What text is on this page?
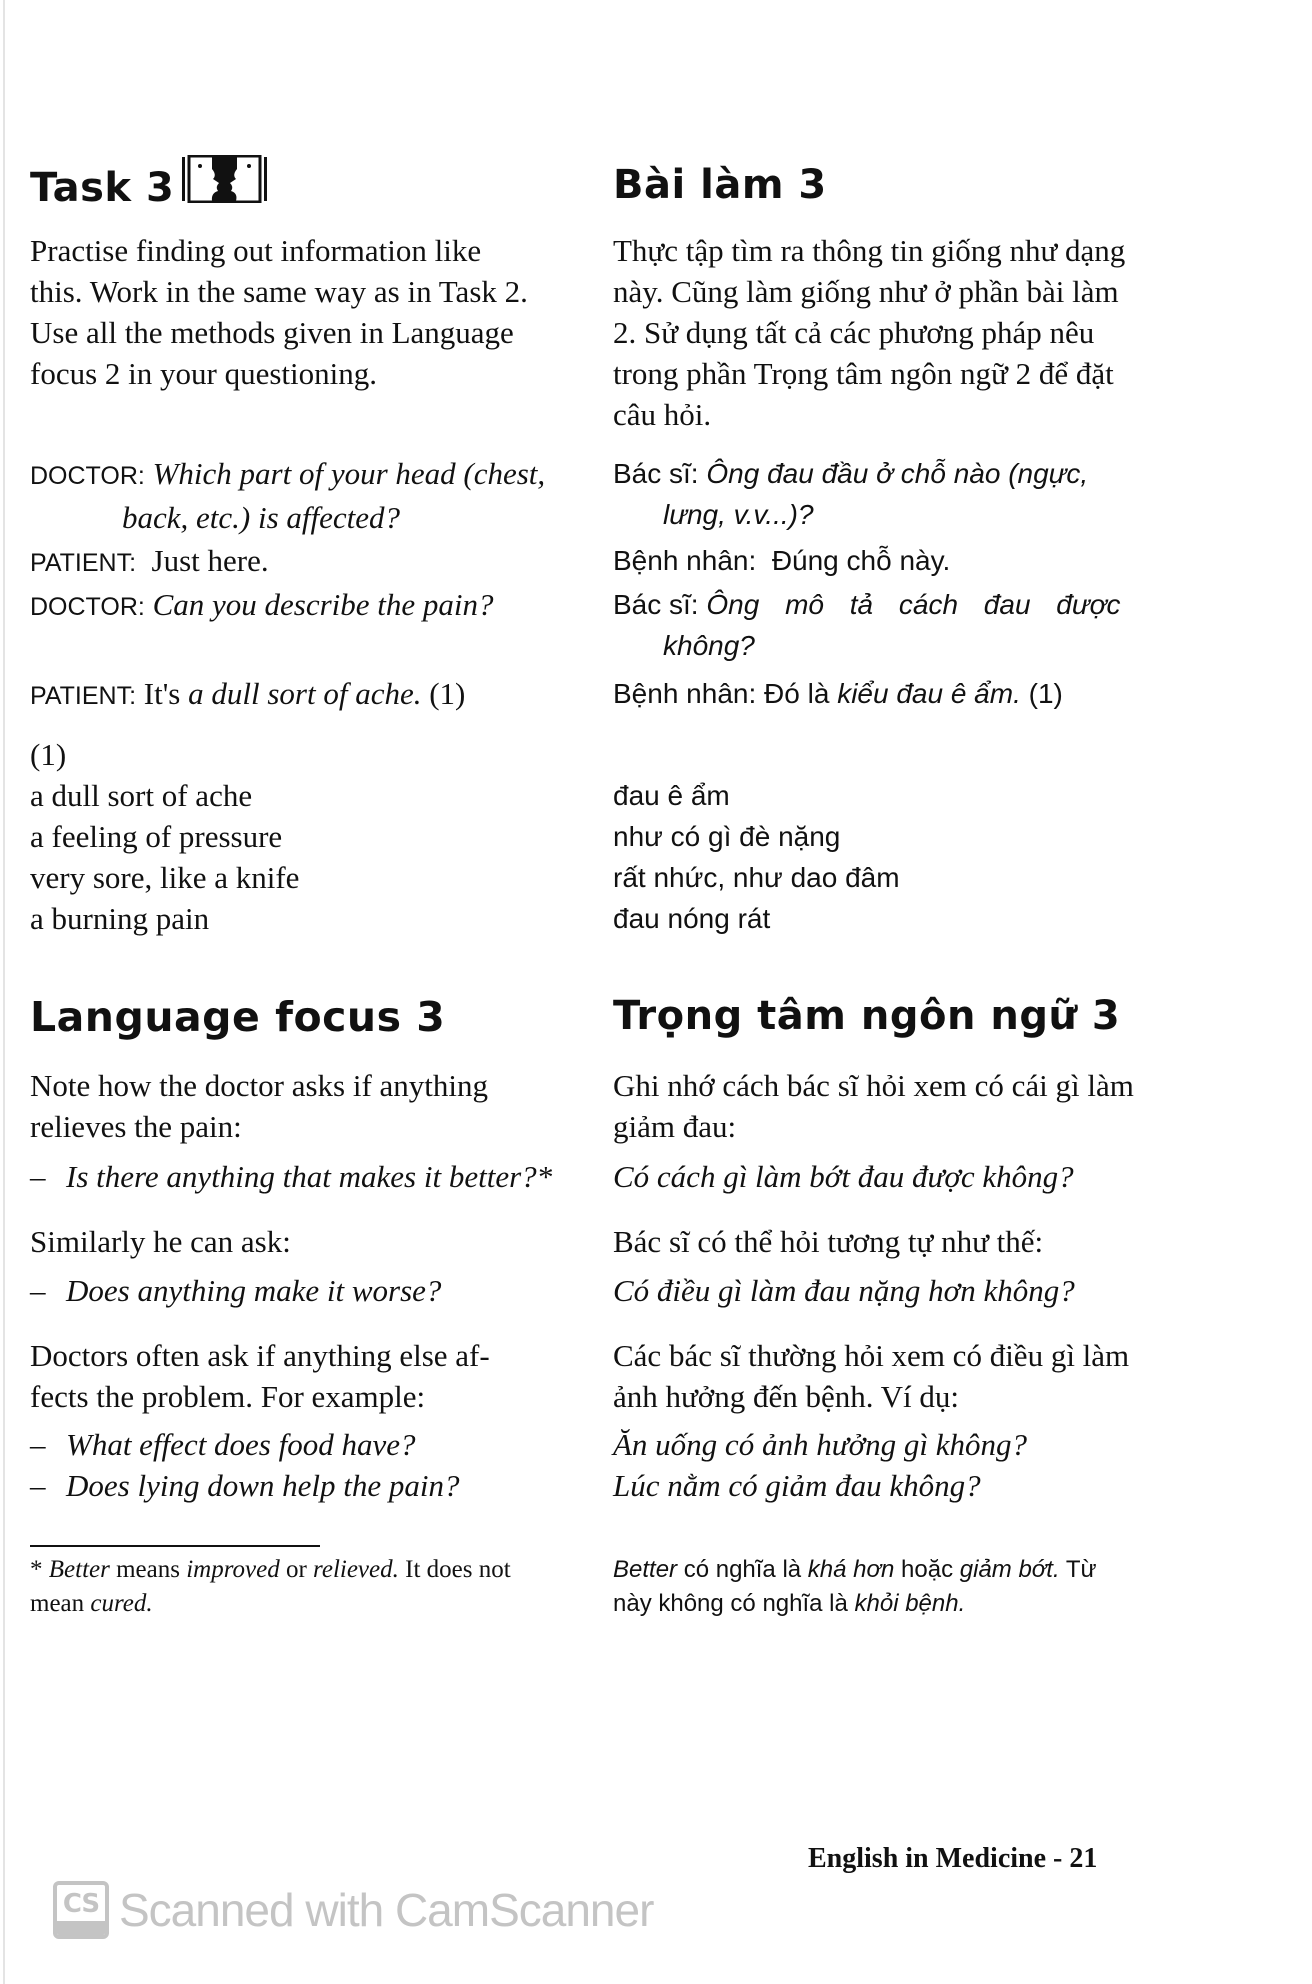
Task 3
Practise finding out information like
this. Work in the same way as in Task 2.
Use all the methods given in Language
focus 2 in your questioning.
DOCTOR: Which part of your head (chest,
back, etc.) is affected?
PATIENT: Just here.
DOCTOR: Can you describe the pain?
PATIENT: It's a dull sort of ache. (1)
(1)
a dull sort of ache
a feeling of pressure
very sore, like a knife
a burning pain
Language focus 3
Note how the doctor asks if anything
relieves the pain:
– Is there anything that makes it better?*
Similarly he can ask:
– Does anything make it worse?
Doctors often ask if anything else af-
fects the problem. For example:
– What effect does food have?
– Does lying down help the pain?
* Better means improved or relieved. It does not
mean cured.
Bài làm 3
Thực tập tìm ra thông tin giống như dạng
này. Cũng làm giống như ở phần bài làm
2. Sử dụng tất cả các phương pháp nêu
trong phần Trọng tâm ngôn ngữ 2 để đặt
câu hỏi.
Bác sĩ: Ông đau đầu ở chỗ nào (ngực,
lưng, v.v...)?
Bệnh nhân: Đúng chỗ này.
Bác sĩ: Ông mô tả cách đau được
không?
Bệnh nhân: Đó là kiểu đau ê ẩm. (1)
đau ê ẩm
như có gì đè nặng
rất nhức, như dao đâm
đau nóng rát
Trọng tâm ngôn ngữ 3
Ghi nhớ cách bác sĩ hỏi xem có cái gì làm
giảm đau:
Có cách gì làm bớt đau được không?
Bác sĩ có thể hỏi tương tự như thế:
Có điều gì làm đau nặng hơn không?
Các bác sĩ thường hỏi xem có điều gì làm
ảnh hưởng đến bệnh. Ví dụ:
Ăn uống có ảnh hưởng gì không?
Lúc nằm có giảm đau không?
Better có nghĩa là khá hơn hoặc giảm bớt. Từ
này không có nghĩa là khỏi bệnh.
English in Medicine - 21
CS Scanned with CamScanner
